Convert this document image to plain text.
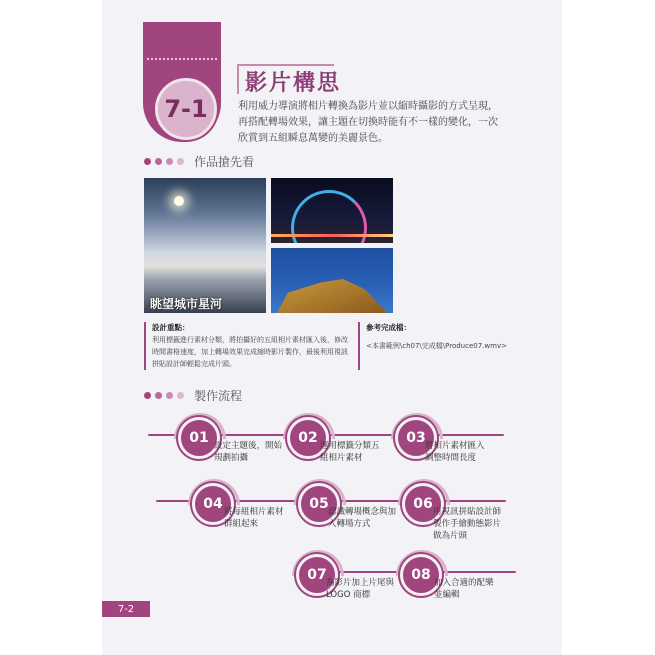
7-1
影片構思
利用威力導演將相片轉換為影片並以縮時攝影的方式呈現，再搭配轉場效果，讓主題在切換時能有不一樣的變化，一次欣賞到五組瞬息萬變的美麗景色。
作品搶先看
眺望城市星河
設計重點：
利用標籤進行素材分類，將拍攝好的五組相片素材匯入後，修改時間書格速度，加上轉場效果完成縮時影片製作，最後利用視訊拼貼設計師輕鬆完成片頭。
參考完成檔：
<本書範例\ch07\完成檔\Produce07.wmv>
製作流程
01 設定主題後，開始規劃拍攝
02 運用標籤分類五組相片素材
03 將相片素材匯入調整時間長度
04 將每組相片素材群組起來
05 認識轉場概念與加入轉場方式
06 用視訊拼貼設計師製作手繪動態影片做為片頭
07 為影片加上片尾與 LOGO 商標
08 加入合適的配樂並編輯
7-2
